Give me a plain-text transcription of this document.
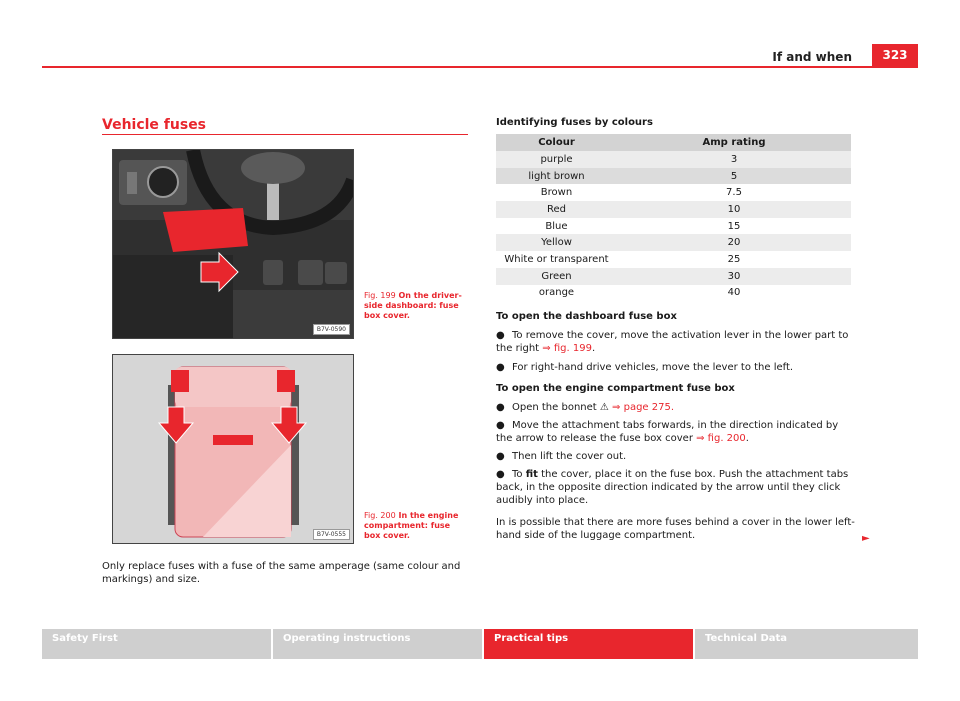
If and when	323
Vehicle fuses
B7V-0590
Fig. 199 On the driver-side dashboard: fuse box cover.
B7V-0555
Fig. 200 In the engine compartment: fuse box cover.
Only replace fuses with a fuse of the same amperage (same colour and markings) and size.
Identifying fuses by colours
Colour	Amp rating
purple	3
light brown	5
Brown	7.5
Red	10
Blue	15
Yellow	20
White or transparent	25
Green	30
orange	40
To open the dashboard fuse box
● To remove the cover, move the activation lever in the lower part to the right ⇒ fig. 199.
● For right-hand drive vehicles, move the lever to the left.
To open the engine compartment fuse box
● Open the bonnet ⚠ ⇒ page 275.
● Move the attachment tabs forwards, in the direction indicated by the arrow to release the fuse box cover ⇒ fig. 200.
● Then lift the cover out.
● To fit the cover, place it on the fuse box. Push the attachment tabs back, in the opposite direction indicated by the arrow until they click audibly into place.
In is possible that there are more fuses behind a cover in the lower left-hand side of the luggage compartment.	►
Safety First	Operating instructions	Practical tips	Technical Data
